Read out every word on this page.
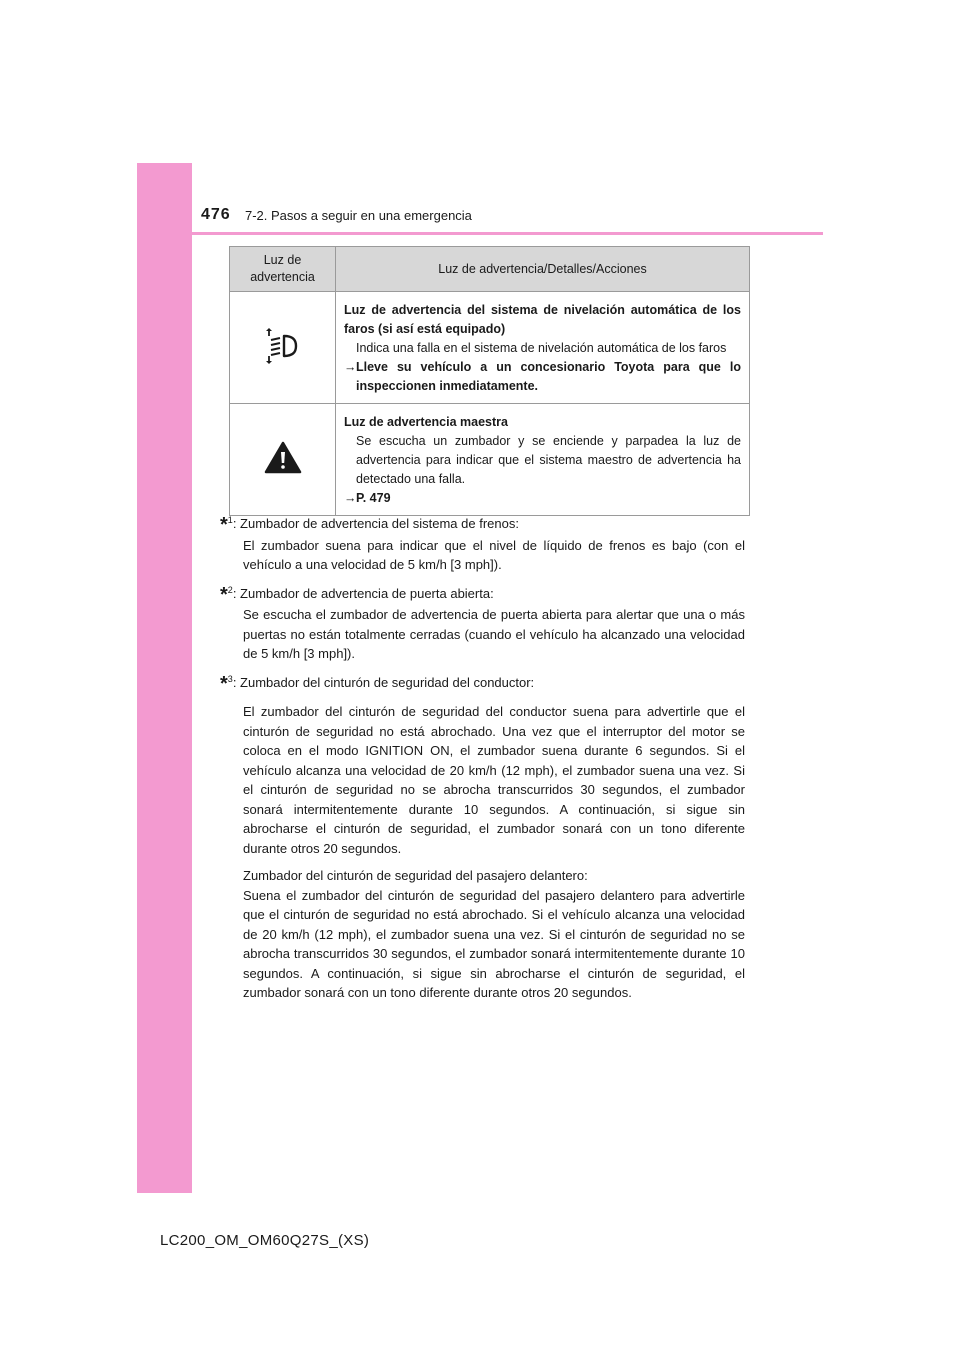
476 7-2. Pasos a seguir en una emergencia
Luz de advertencia	Luz de advertencia/Detalles/Acciones

Luz de advertencia del sistema de nivelación automática de los faros (si así está equipado)
Indica una falla en el sistema de nivelación automática de los faros
→ Lleve su vehículo a un concesionario Toyota para que lo inspeccionen inmediatamente.

Luz de advertencia maestra
Se escucha un zumbador y se enciende y parpadea la luz de advertencia para indicar que el sistema maestro de advertencia ha detectado una falla.
→ P. 479
*$^1$: Zumbador de advertencia del sistema de frenos:

El zumbador suena para indicar que el nivel de líquido de frenos es bajo (con el vehículo a una velocidad de 5 km/h [3 mph]).

*$^2$: Zumbador de advertencia de puerta abierta:

Se escucha el zumbador de advertencia de puerta abierta para alertar que una o más puertas no están totalmente cerradas (cuando el vehículo ha alcanzado una velocidad de 5 km/h [3 mph]).

*$^3$: Zumbador del cinturón de seguridad del conductor:

El zumbador del cinturón de seguridad del conductor suena para advertirle que el cinturón de seguridad no está abrochado. Una vez que el interruptor del motor se coloca en el modo IGNITION ON, el zumbador suena durante 6 segundos. Si el vehículo alcanza una velocidad de 20 km/h (12 mph), el zumbador suena una vez. Si el cinturón de seguridad no se abrocha transcurridos 30 segundos, el zumbador sonará intermitentemente durante 10 segundos. A continuación, si sigue sin abrocharse el cinturón de seguridad, el zumbador sonará con un tono diferente durante otros 20 segundos.

Zumbador del cinturón de seguridad del pasajero delantero:

Suena el zumbador del cinturón de seguridad del pasajero delantero para advertirle que el cinturón de seguridad no está abrochado. Si el vehículo alcanza una velocidad de 20 km/h (12 mph), el zumbador suena una vez. Si el cinturón de seguridad no se abrocha transcurridos 30 segundos, el zumbador sonará intermitentemente durante 10 segundos. A continuación, si sigue sin abrocharse el cinturón de seguridad, el zumbador sonará con un tono diferente durante otros 20 segundos.

LC200_OM_OM60Q27S_(XS)
